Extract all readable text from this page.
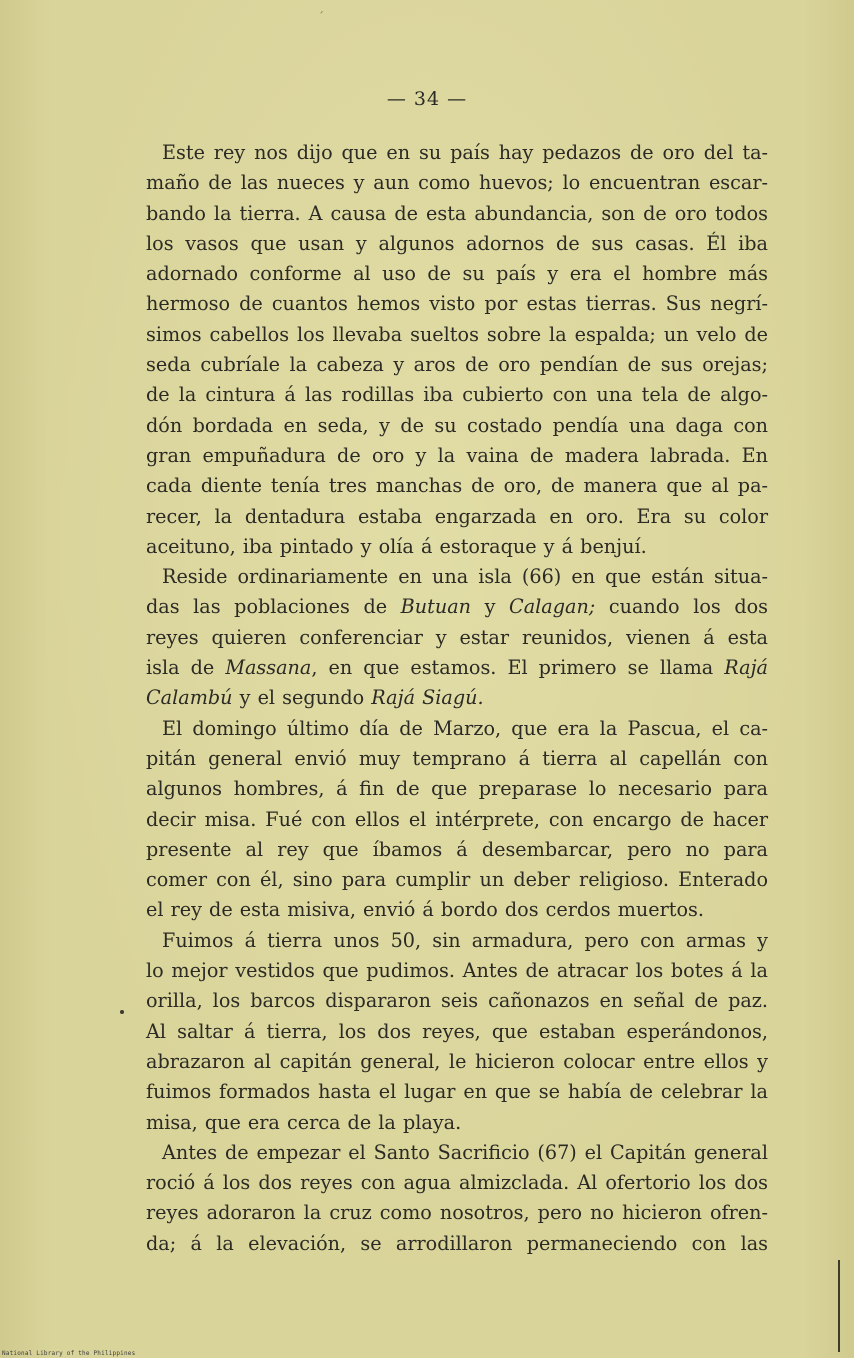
ˊ
— 34 —
Este rey nos dijo que en su país hay pedazos de oro del ta-
maño de las nueces y aun como huevos; lo encuentran escar-
bando la tierra. A causa de esta abundancia, son de oro todos
los vasos que usan y algunos adornos de sus casas. Él iba
adornado conforme al uso de su país y era el hombre más
hermoso de cuantos hemos visto por estas tierras. Sus negrí-
simos cabellos los llevaba sueltos sobre la espalda; un velo de
seda cubríale la cabeza y aros de oro pendían de sus orejas;
de la cintura á las rodillas iba cubierto con una tela de algo-
dón bordada en seda, y de su costado pendía una daga con
gran empuñadura de oro y la vaina de madera labrada. En
cada diente tenía tres manchas de oro, de manera que al pa-
recer, la dentadura estaba engarzada en oro. Era su color
aceituno, iba pintado y olía á estoraque y á benjuí.
Reside ordinariamente en una isla (66) en que están situa-
das las poblaciones de Butuan y Calagan; cuando los dos
reyes quieren conferenciar y estar reunidos, vienen á esta
isla de Massana, en que estamos. El primero se llama Rajá
Calambú y el segundo Rajá Siagú.
El domingo último día de Marzo, que era la Pascua, el ca-
pitán general envió muy temprano á tierra al capellán con
algunos hombres, á fin de que preparase lo necesario para
decir misa. Fué con ellos el intérprete, con encargo de hacer
presente al rey que íbamos á desembarcar, pero no para
comer con él, sino para cumplir un deber religioso. Enterado
el rey de esta misiva, envió á bordo dos cerdos muertos.
Fuimos á tierra unos 50, sin armadura, pero con armas y
lo mejor vestidos que pudimos. Antes de atracar los botes á la
orilla, los barcos dispararon seis cañonazos en señal de paz.
Al saltar á tierra, los dos reyes, que estaban esperándonos,
abrazaron al capitán general, le hicieron colocar entre ellos y
fuimos formados hasta el lugar en que se había de celebrar la
misa, que era cerca de la playa.
Antes de empezar el Santo Sacrificio (67) el Capitán general
roció á los dos reyes con agua almizclada. Al ofertorio los dos
reyes adoraron la cruz como nosotros, pero no hicieron ofren-
da; á la elevación, se arrodillaron permaneciendo con las
National Library of the Philippines
